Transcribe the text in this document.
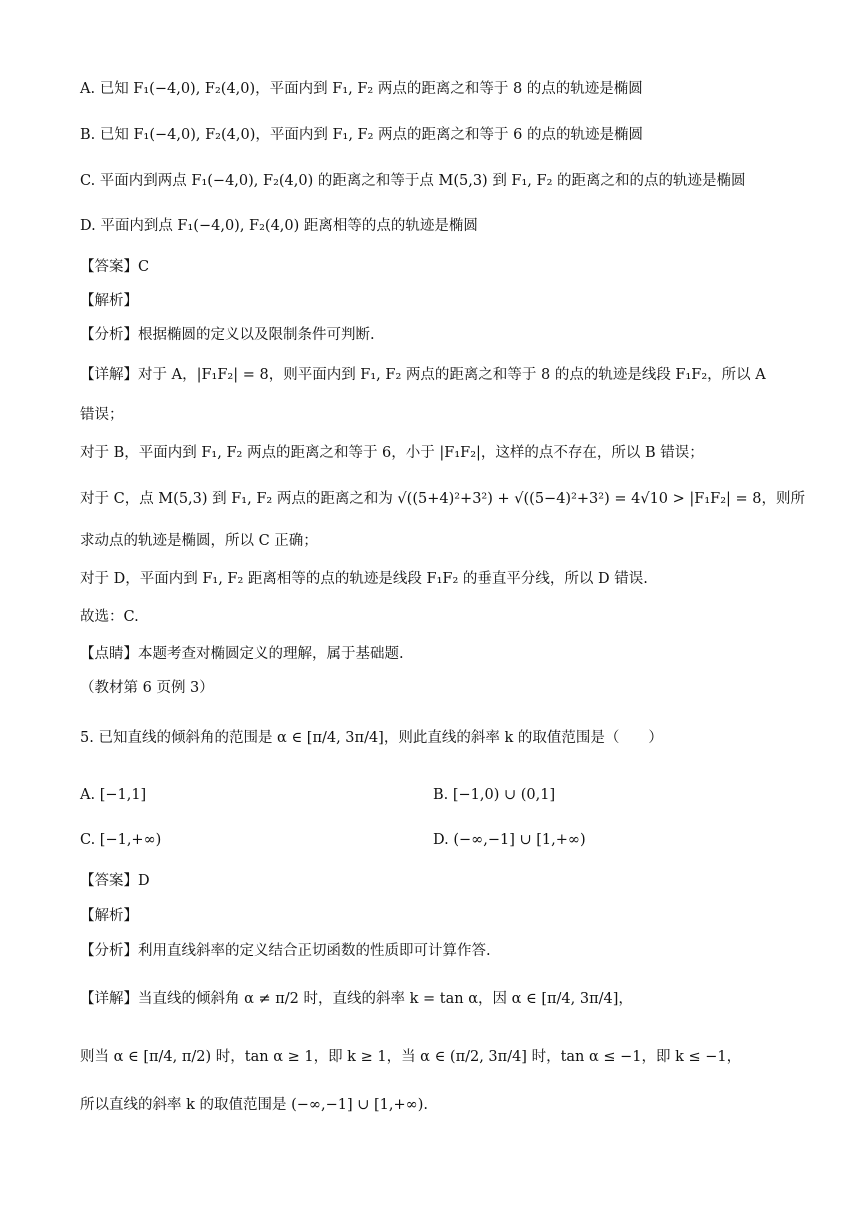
A. 已知 F₁(−4,0), F₂(4,0)，平面内到 F₁, F₂ 两点的距离之和等于 8 的点的轨迹是椭圆
B. 已知 F₁(−4,0), F₂(4,0)，平面内到 F₁, F₂ 两点的距离之和等于 6 的点的轨迹是椭圆
C. 平面内到两点 F₁(−4,0), F₂(4,0) 的距离之和等于点 M(5,3) 到 F₁, F₂ 的距离之和的点的轨迹是椭圆
D. 平面内到点 F₁(−4,0), F₂(4,0) 距离相等的点的轨迹是椭圆
【答案】C
【解析】
【分析】根据椭圆的定义以及限制条件可判断.
【详解】对于 A，|F₁F₂| = 8，则平面内到 F₁, F₂ 两点的距离之和等于 8 的点的轨迹是线段 F₁F₂，所以 A
错误；
对于 B，平面内到 F₁, F₂ 两点的距离之和等于 6，小于 |F₁F₂|，这样的点不存在，所以 B 错误；
对于 C，点 M(5,3) 到 F₁, F₂ 两点的距离之和为 √((5+4)²+3²) + √((5−4)²+3²) = 4√10 > |F₁F₂| = 8，则所
求动点的轨迹是椭圆，所以 C 正确；
对于 D，平面内到 F₁, F₂ 距离相等的点的轨迹是线段 F₁F₂ 的垂直平分线，所以 D 错误.
故选：C.
【点睛】本题考查对椭圆定义的理解，属于基础题.
（教材第 6 页例 3）
5. 已知直线的倾斜角的范围是 α ∈ [π/4, 3π/4]，则此直线的斜率 k 的取值范围是（　　）
A. [−1,1]	B. [−1,0) ∪ (0,1]
C. [−1,+∞)	D. (−∞,−1] ∪ [1,+∞)
【答案】D
【解析】
【分析】利用直线斜率的定义结合正切函数的性质即可计算作答.
【详解】当直线的倾斜角 α ≠ π/2 时，直线的斜率 k = tan α，因 α ∈ [π/4, 3π/4]，
则当 α ∈ [π/4, π/2) 时，tan α ≥ 1，即 k ≥ 1，当 α ∈ (π/2, 3π/4] 时，tan α ≤ −1，即 k ≤ −1，
所以直线的斜率 k 的取值范围是 (−∞,−1] ∪ [1,+∞).
